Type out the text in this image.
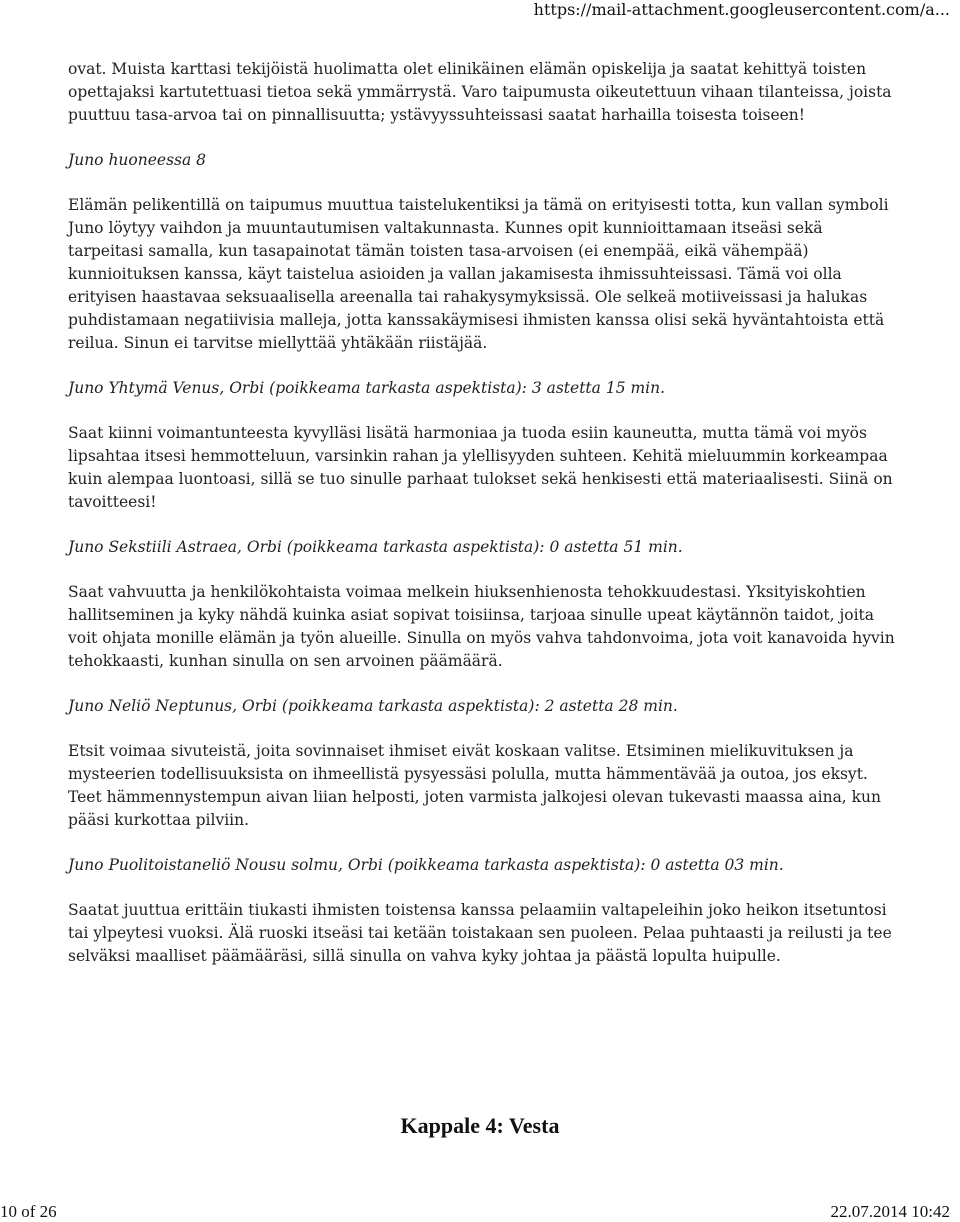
https://mail-attachment.googleusercontent.com/a...

ovat. Muista karttasi tekijöistä huolimatta olet elinikäinen elämän opiskelija ja saatat kehittyä toisten opettajaksi kartutettuasi tietoa sekä ymmärrystä. Varo taipumusta oikeutettuun vihaan tilanteissa, joista puuttuu tasa-arvoa tai on pinnallisuutta; ystävyyssuhteissasi saatat harhailla toisesta toiseen!

Juno huoneessa 8

Elämän pelikentillä on taipumus muuttua taistelukentiksi ja tämä on erityisesti totta, kun vallan symboli Juno löytyy vaihdon ja muuntautumisen valtakunnasta. Kunnes opit kunnioittamaan itseäsi sekä tarpeitasi samalla, kun tasapainotat tämän toisten tasa-arvoisen (ei enempää, eikä vähempää) kunnioituksen kanssa, käyt taistelua asioiden ja vallan jakamisesta ihmissuhteissasi. Tämä voi olla erityisen haastavaa seksuaalisella areenalla tai rahakysymyksissä. Ole selkeä motiiveissasi ja halukas puhdistamaan negatiivisia malleja, jotta kanssakäymisesi ihmisten kanssa olisi sekä hyväntahtoista että reilua. Sinun ei tarvitse miellyttää yhtäkään riistäjää.

Juno Yhtymä Venus, Orbi (poikkeama tarkasta aspektista): 3 astetta 15 min.

Saat kiinni voimantunteesta kyvylläsi lisätä harmoniaa ja tuoda esiin kauneutta, mutta tämä voi myös lipsahtaa itsesi hemmotteluun, varsinkin rahan ja ylellisyyden suhteen. Kehitä mieluummin korkeampaa kuin alempaa luontoasi, sillä se tuo sinulle parhaat tulokset sekä henkisesti että materiaalisesti. Siinä on tavoitteesi!

Juno Sekstiili Astraea, Orbi (poikkeama tarkasta aspektista): 0 astetta 51 min.

Saat vahvuutta ja henkilökohtaista voimaa melkein hiuksenhienosta tehokkuudestasi. Yksityiskohtien hallitseminen ja kyky nähdä kuinka asiat sopivat toisiinsa, tarjoaa sinulle upeat käytännön taidot, joita voit ohjata monille elämän ja työn alueille. Sinulla on myös vahva tahdonvoima, jota voit kanavoida hyvin tehokkaasti, kunhan sinulla on sen arvoinen päämäärä.

Juno Neliö Neptunus, Orbi (poikkeama tarkasta aspektista): 2 astetta 28 min.

Etsit voimaa sivuteistä, joita sovinnaiset ihmiset eivät koskaan valitse. Etsiminen mielikuvituksen ja mysteerien todellisuuksista on ihmeellistä pysyessäsi polulla, mutta hämmentävää ja outoa, jos eksyt. Teet hämmennystempun aivan liian helposti, joten varmista jalkojesi olevan tukevasti maassa aina, kun pääsi kurkottaa pilviin.

Juno Puolitoistaneliö Nousu solmu, Orbi (poikkeama tarkasta aspektista): 0 astetta 03 min.

Saatat juuttua erittäin tiukasti ihmisten toistensa kanssa pelaamiin valtapeleihin joko heikon itsetuntosi tai ylpeytesi vuoksi. Älä ruoski itseäsi tai ketään toistakaan sen puoleen. Pelaa puhtaasti ja reilusti ja tee selväksi maalliset päämääräsi, sillä sinulla on vahva kyky johtaa ja päästä lopulta huipulle.

Kappale 4: Vesta
10 of 26	22.07.2014 10:42
